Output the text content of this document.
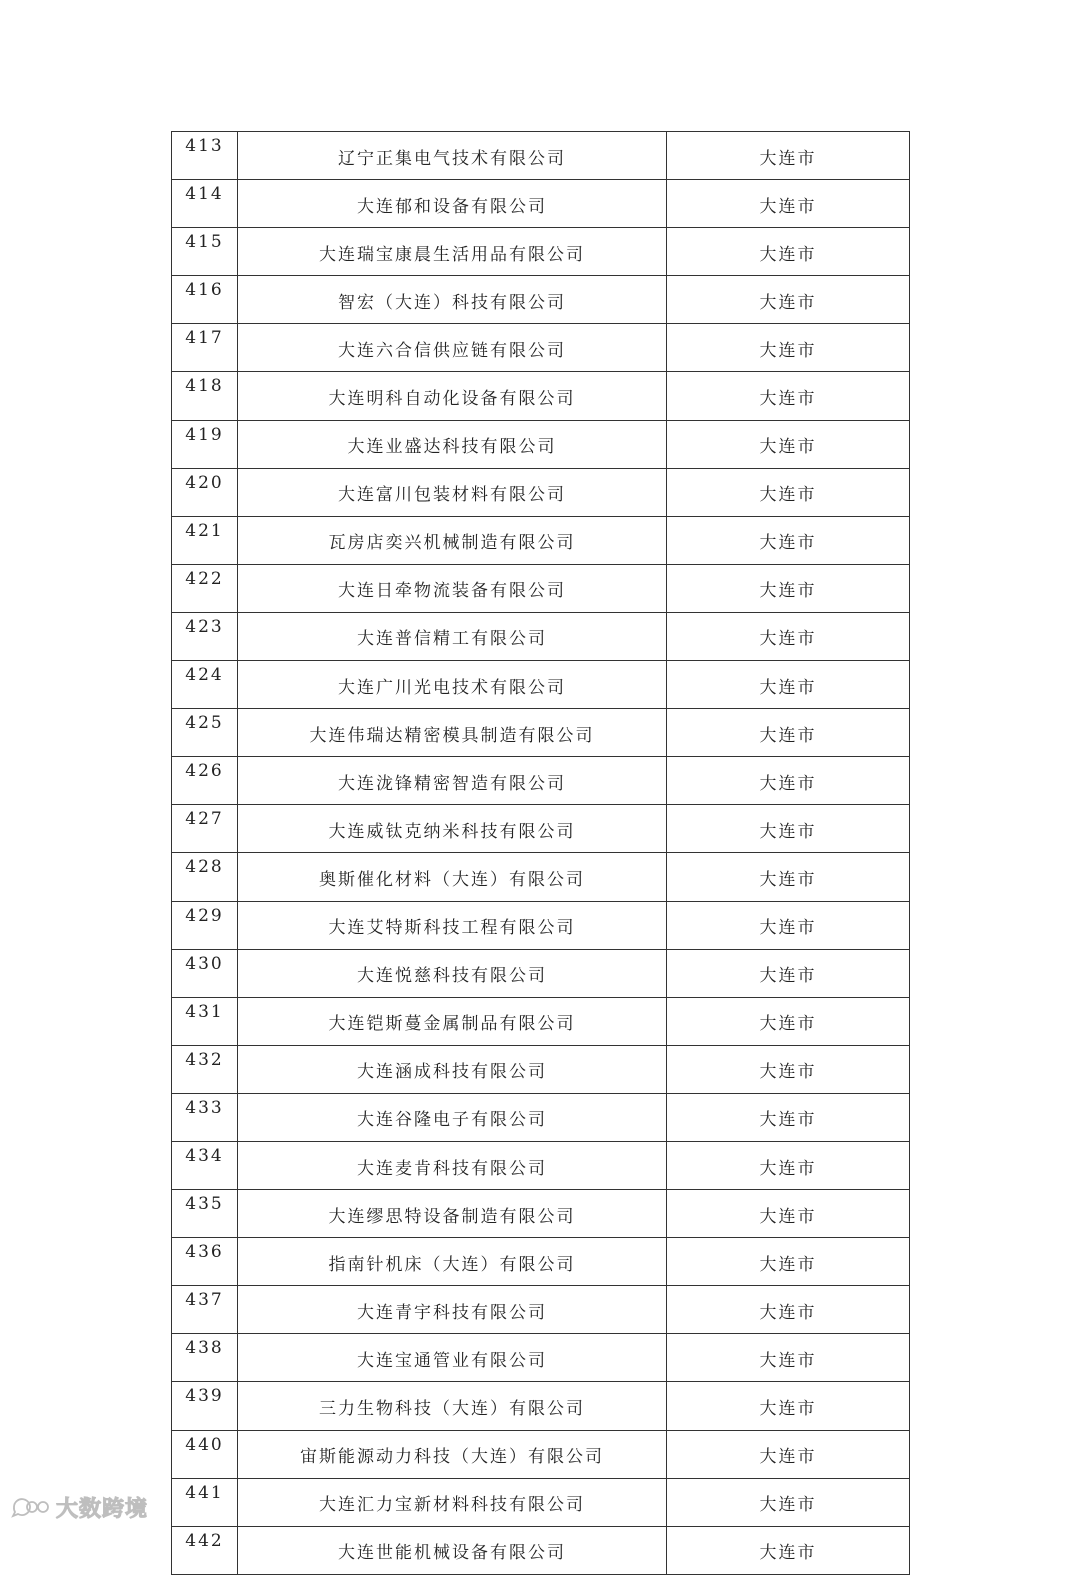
413	辽宁正集电气技术有限公司	大连市
414	大连郁和设备有限公司	大连市
415	大连瑞宝康晨生活用品有限公司	大连市
416	智宏（大连）科技有限公司	大连市
417	大连六合信供应链有限公司	大连市
418	大连明科自动化设备有限公司	大连市
419	大连业盛达科技有限公司	大连市
420	大连富川包装材料有限公司	大连市
421	瓦房店奕兴机械制造有限公司	大连市
422	大连日牵物流装备有限公司	大连市
423	大连普信精工有限公司	大连市
424	大连广川光电技术有限公司	大连市
425	大连伟瑞达精密模具制造有限公司	大连市
426	大连泷锋精密智造有限公司	大连市
427	大连威钛克纳米科技有限公司	大连市
428	奥斯催化材料（大连）有限公司	大连市
429	大连艾特斯科技工程有限公司	大连市
430	大连悦慈科技有限公司	大连市
431	大连铠斯蔓金属制品有限公司	大连市
432	大连涵成科技有限公司	大连市
433	大连谷隆电子有限公司	大连市
434	大连麦肯科技有限公司	大连市
435	大连缪思特设备制造有限公司	大连市
436	指南针机床（大连）有限公司	大连市
437	大连青宇科技有限公司	大连市
438	大连宝通管业有限公司	大连市
439	三力生物科技（大连）有限公司	大连市
440	宙斯能源动力科技（大连）有限公司	大连市
441	大连汇力宝新材料科技有限公司	大连市
442	大连世能机械设备有限公司	大连市
大数跨境
